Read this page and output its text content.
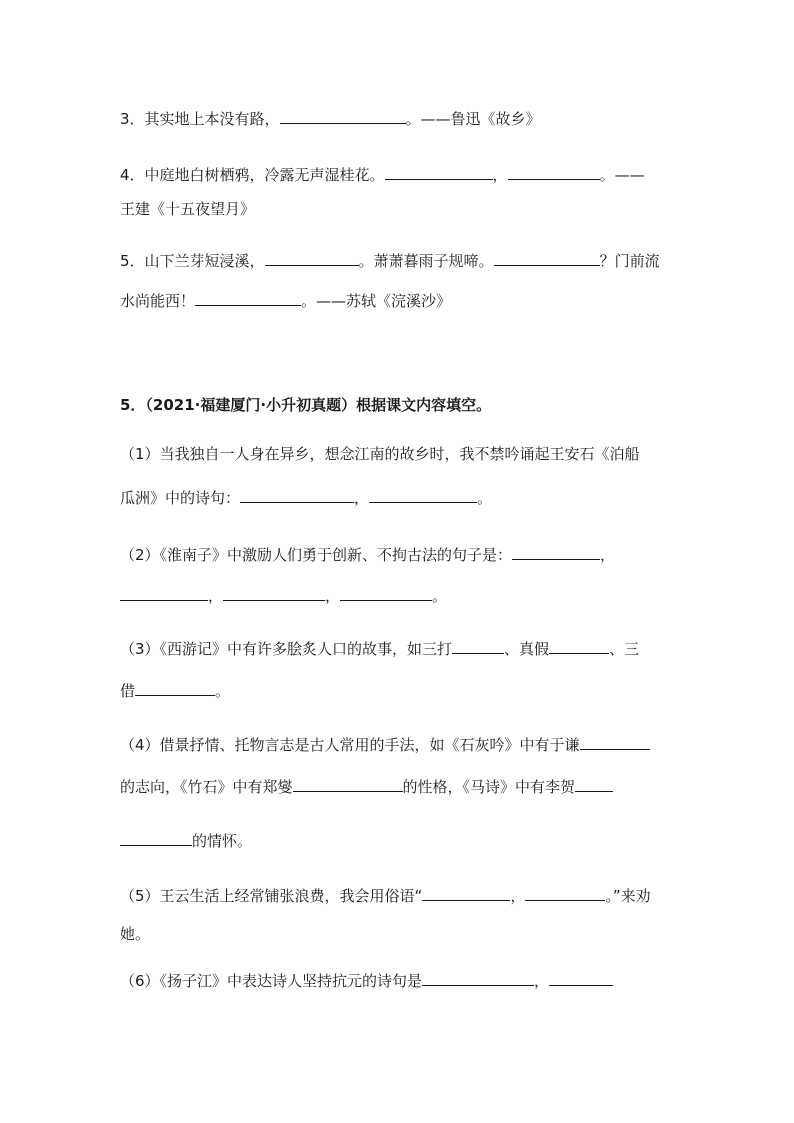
3．其实地上本没有路，	。——鲁迅《故乡》
4．中庭地白树栖鸦，冷露无声湿桂花。	，	。——
王建《十五夜望月》
5．山下兰芽短浸溪，	。萧萧暮雨子规啼。	？门前流
水尚能西！	。——苏轼《浣溪沙》
5．（2021·福建厦门·小升初真题）根据课文内容填空。
（1）当我独自一人身在异乡，想念江南的故乡时，我不禁吟诵起王安石《泊船
瓜洲》中的诗句：	，	。
（2）《淮南子》中激励人们勇于创新、不拘古法的句子是：	，
，	，	。
（3）《西游记》中有许多脍炙人口的故事，如三打	、真假	、三
借	。
（4）借景抒情、托物言志是古人常用的手法，如《石灰吟》中有于谦
的志向，《竹石》中有郑燮	的性格，《马诗》中有李贺
的情怀。
（5）王云生活上经常铺张浪费，我会用俗语“	，	。”来劝
她。
（6）《扬子江》中表达诗人坚持抗元的诗句是	，
